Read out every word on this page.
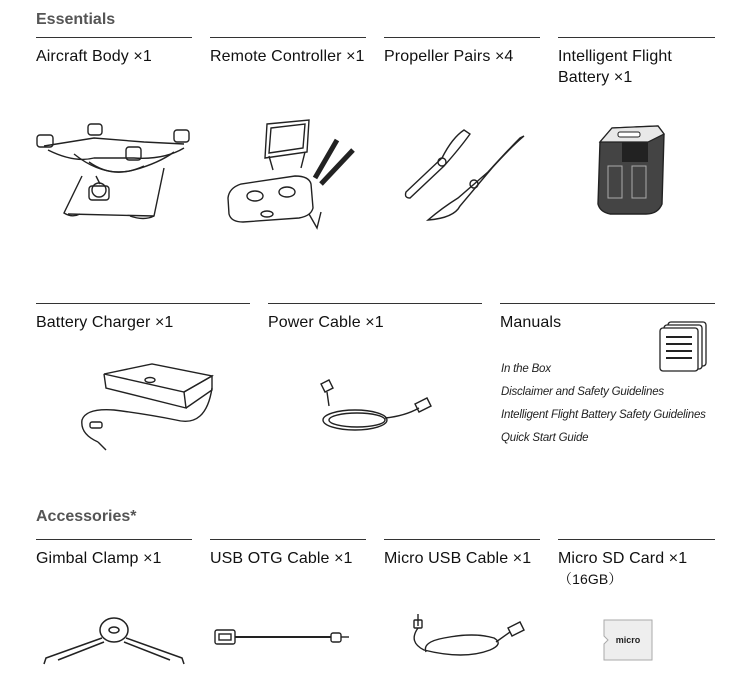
Essentials
Aircraft Body ×1	Remote Controller ×1 Propeller Pairs ×4	Intelligent Flight Battery ×1
Battery Charger ×1	Power Cable ×1	Manuals
In the Box
Disclaimer and Safety Guidelines
Intelligent Flight Battery Safety Guidelines
Quick Start Guide
Accessories*
Gimbal Clamp ×1	USB OTG Cable ×1	Micro USB Cable ×1	Micro SD Card ×1
（16GB）
micro
